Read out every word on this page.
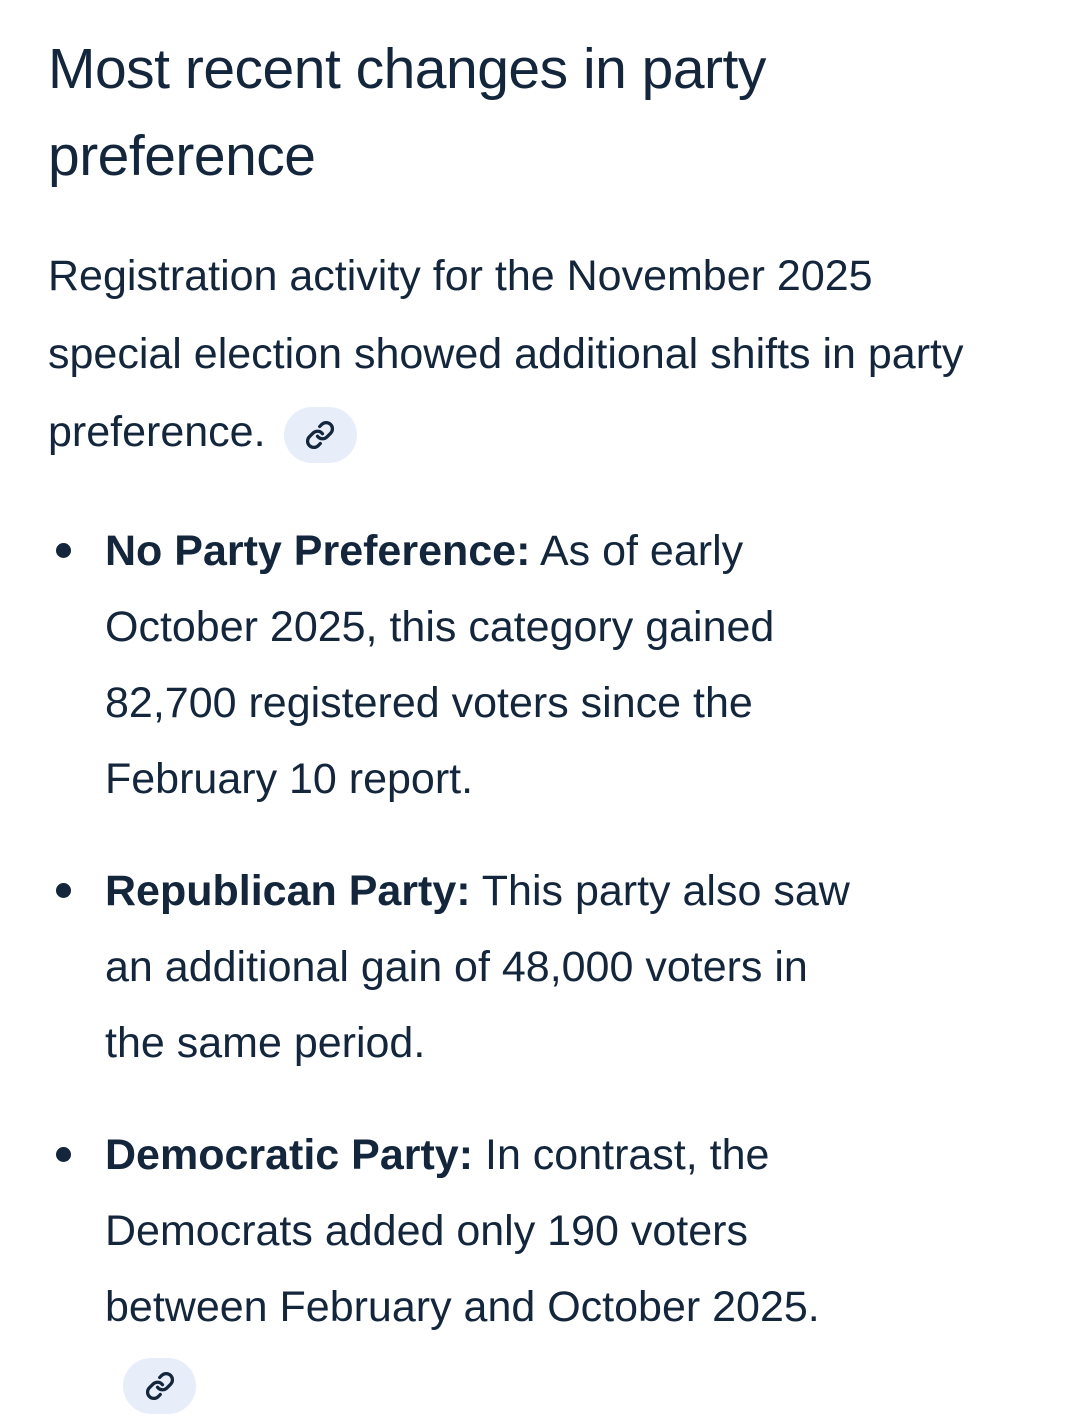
Most recent changes in party preference

Registration activity for the November 2025 special election showed additional shifts in party preference.

No Party Preference: As of early October 2025, this category gained 82,700 registered voters since the February 10 report.
Republican Party: This party also saw an additional gain of 48,000 voters in the same period.
Democratic Party: In contrast, the Democrats added only 190 voters between February and October 2025.
